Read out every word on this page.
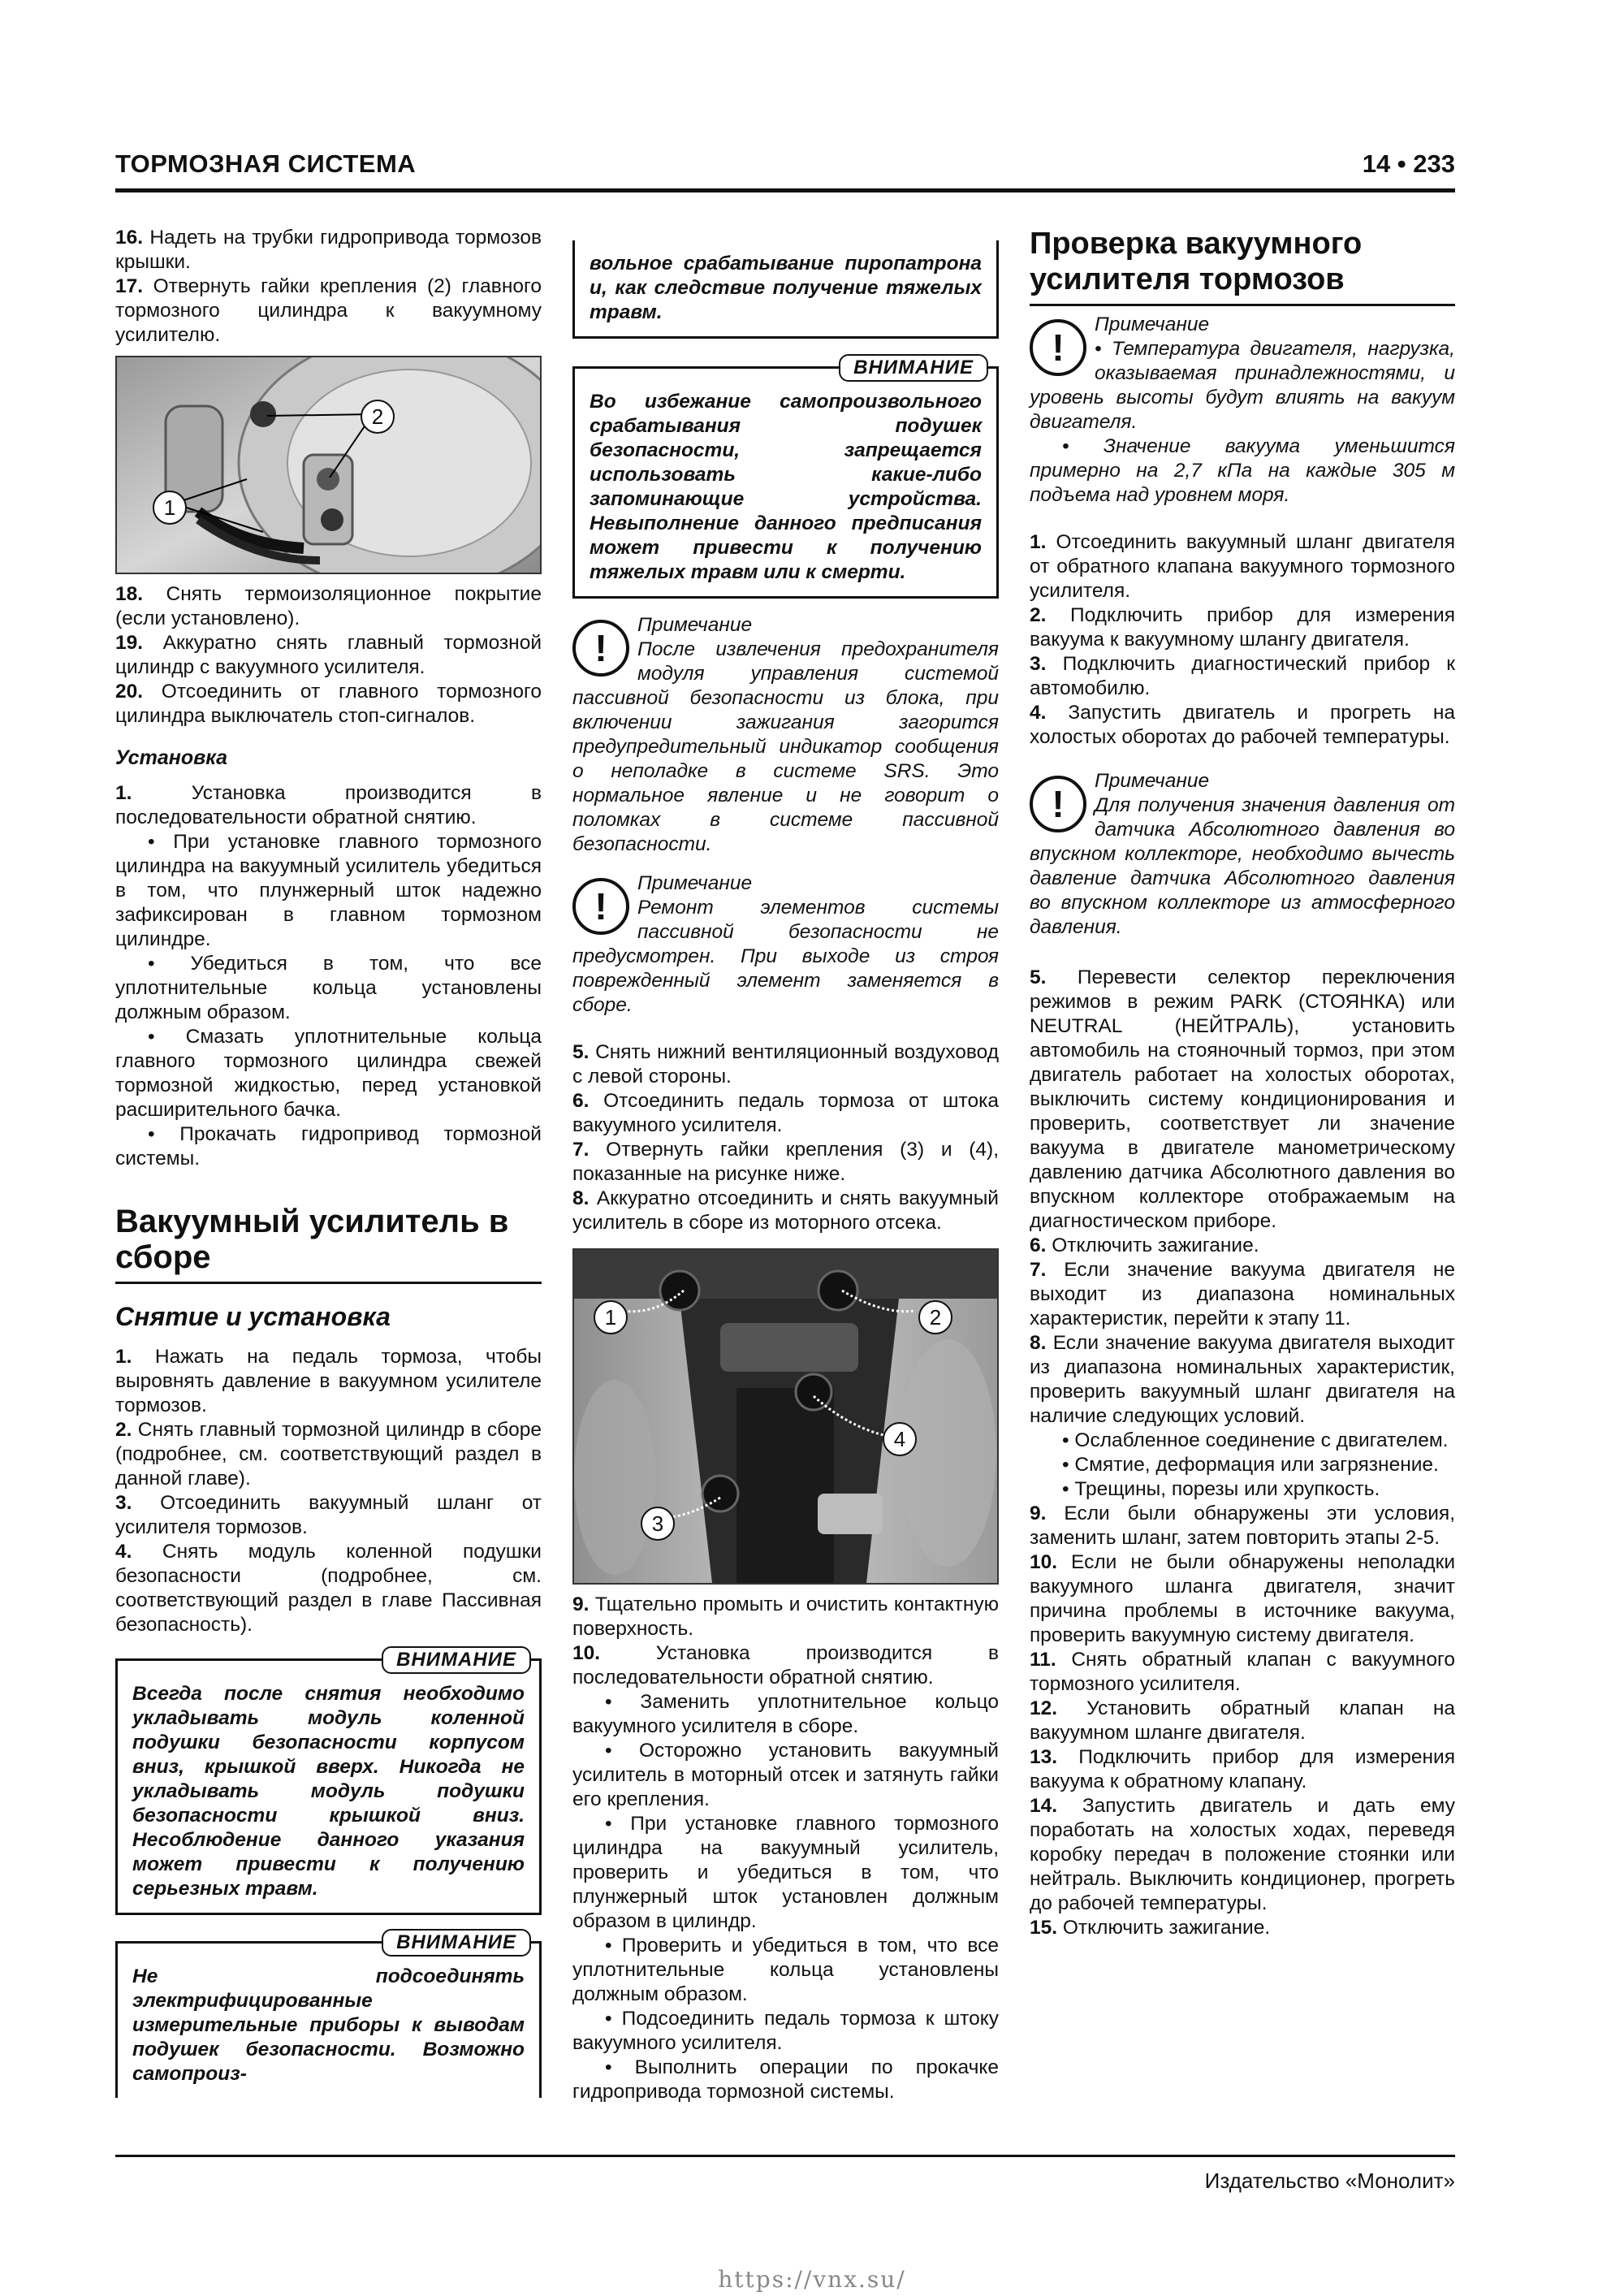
ТОРМОЗНАЯ СИСТЕМА	14 • 233

16. Надеть на трубки гидропривода тормозов крышки.

17. Отвернуть гайки крепления (2) главного тормозного цилиндра к вакуумному усилителю.

1
2

18. Снять термоизоляционное покрытие (если установлено).

19. Аккуратно снять главный тормозной цилиндр с вакуумного усилителя.

20. Отсоединить от главного тормозного цилиндра выключатель стоп-сигналов.

Установка

1.	Установка производится в последовательности обратной снятию.

• При установке главного тормозного цилиндра на вакуумный усилитель убедиться в том, что плунжерный шток надежно зафиксирован в главном тормозном цилиндре.

• Убедиться в том, что все уплотнительные кольца установлены должным образом.

• Смазать уплотнительные кольца главного тормозного цилиндра свежей тормозной жидкостью, перед установкой расширительного бачка.

• Прокачать гидропривод тормозной системы.

Вакуумный усилитель в сборе
Снятие и установка

1. Нажать на педаль тормоза, чтобы выровнять давление в вакуумном усилителе тормозов.

2. Снять главный тормозной цилиндр в сборе (подробнее, см. соответствующий раздел в данной главе).

3. Отсоединить вакуумный шланг от усилителя тормозов.

4. Снять модуль коленной подушки безопасности (подробнее, см. соответствующий раздел в главе Пассивная безопасность).

ВНИМАНИЕ
Всегда после снятия необходимо укладывать модуль коленной подушки безопасности корпусом вниз, крышкой вверх. Никогда не укладывать модуль подушки безопасности крышкой вниз. Несоблюдение данного указания может привести к получению серьезных травм.
ВНИМАНИЕ
Не подсоединять электрифицированные измерительные приборы к выводам подушек безопасности. Возможно самопроиз-
вольное срабатывание пиропатрона и, как следствие получение тяжелых травм.
ВНИМАНИЕ
Во избежание самопроизвольного срабатывания подушек безопасности, запрещается использовать какие-либо запоминающие устройства. Невыполнение данного предписания может привести к получению тяжелых травм или к смерти.
!
Примечание
После извлечения предохранителя модуля управления системой пассивной безопасности из блока, при включении зажигания загорится предупредительный индикатор сообщения о неполадке в системе SRS. Это нормальное явление и не говорит о поломках в системе пассивной безопасности.
!
Примечание
Ремонт элементов системы пассивной безопасности не предусмотрен. При выходе из строя поврежденный элемент заменяется в сборе.

5. Снять нижний вентиляционный воздуховод с левой стороны.

6. Отсоединить педаль тормоза от штока вакуумного усилителя.

7. Отвернуть гайки крепления (3) и (4), показанные на рисунке ниже.

8. Аккуратно отсоединить и снять вакуумный усилитель в сборе из моторного отсека.

1	2
3
4

9. Тщательно промыть и очистить контактную поверхность.

10.	Установка производится в последовательности обратной снятию.

• Заменить уплотнительное кольцо вакуумного усилителя в сборе.

• Осторожно установить вакуумный усилитель в моторный отсек и затянуть гайки его крепления.

• При установке главного тормозного цилиндра на вакуумный усилитель, проверить и убедиться в том, что плунжерный шток установлен должным образом в цилиндр.

• Проверить и убедиться в том, что все уплотнительные кольца установлены должным образом.

• Подсоединить педаль тормоза к штоку вакуумного усилителя.

• Выполнить операции по прокачке гидропривода тормозной системы.

Проверка вакуумного усилителя тормозов
!
Примечание
• Температура двигателя, нагрузка, оказываемая принадлежностями, и уровень высоты будут влиять на вакуум двигателя.
• Значение вакуума уменьшится примерно на 2,7 кПа на каждые 305 м подъема над уровнем моря.

1. Отсоединить вакуумный шланг двигателя от обратного клапана вакуумного тормозного усилителя.

2. Подключить прибор для измерения вакуума к вакуумному шлангу двигателя.

3. Подключить диагностический прибор к автомобилю.

4. Запустить двигатель и прогреть на холостых оборотах до рабочей температуры.

!
Примечание
Для получения значения давления от датчика Абсолютного давления во впускном коллекторе, необходимо вычесть давление датчика Абсолютного давления во впускном коллекторе из атмосферного давления.

5. Перевести селектор переключения режимов в режим PARK (СТОЯНКА) или NEUTRAL (НЕЙТРАЛЬ), установить автомобиль на стояночный тормоз, при этом двигатель работает на холостых оборотах, выключить систему кондиционирования и проверить, соответствует ли значение вакуума в двигателе манометрическому давлению датчика Абсолютного давления во впускном коллекторе отображаемым на диагностическом приборе.

6. Отключить зажигание.

7. Если значение вакуума двигателя не выходит из диапазона номинальных характеристик, перейти к этапу 11.

8. Если значение вакуума двигателя выходит из диапазона номинальных характеристик, проверить вакуумный шланг двигателя на наличие следующих условий.

• Ослабленное соединение с двигателем.

• Смятие, деформация или загрязнение.

• Трещины, порезы или хрупкость.

9. Если были обнаружены эти условия, заменить шланг, затем повторить этапы 2-5.

10. Если не были обнаружены неполадки вакуумного шланга двигателя, значит причина проблемы в источнике вакуума, проверить вакуумную систему двигателя.

11. Снять обратный клапан с вакуумного тормозного усилителя.

12. Установить обратный клапан на вакуумном шланге двигателя.

13. Подключить прибор для измерения вакуума к обратному клапану.

14. Запустить двигатель и дать ему поработать на холостых ходах, переведя коробку передач в положение стоянки или нейтраль. Выключить кондиционер, прогреть до рабочей температуры.

15. Отключить зажигание.

Издательство «Монолит»
https://vnx.su/
